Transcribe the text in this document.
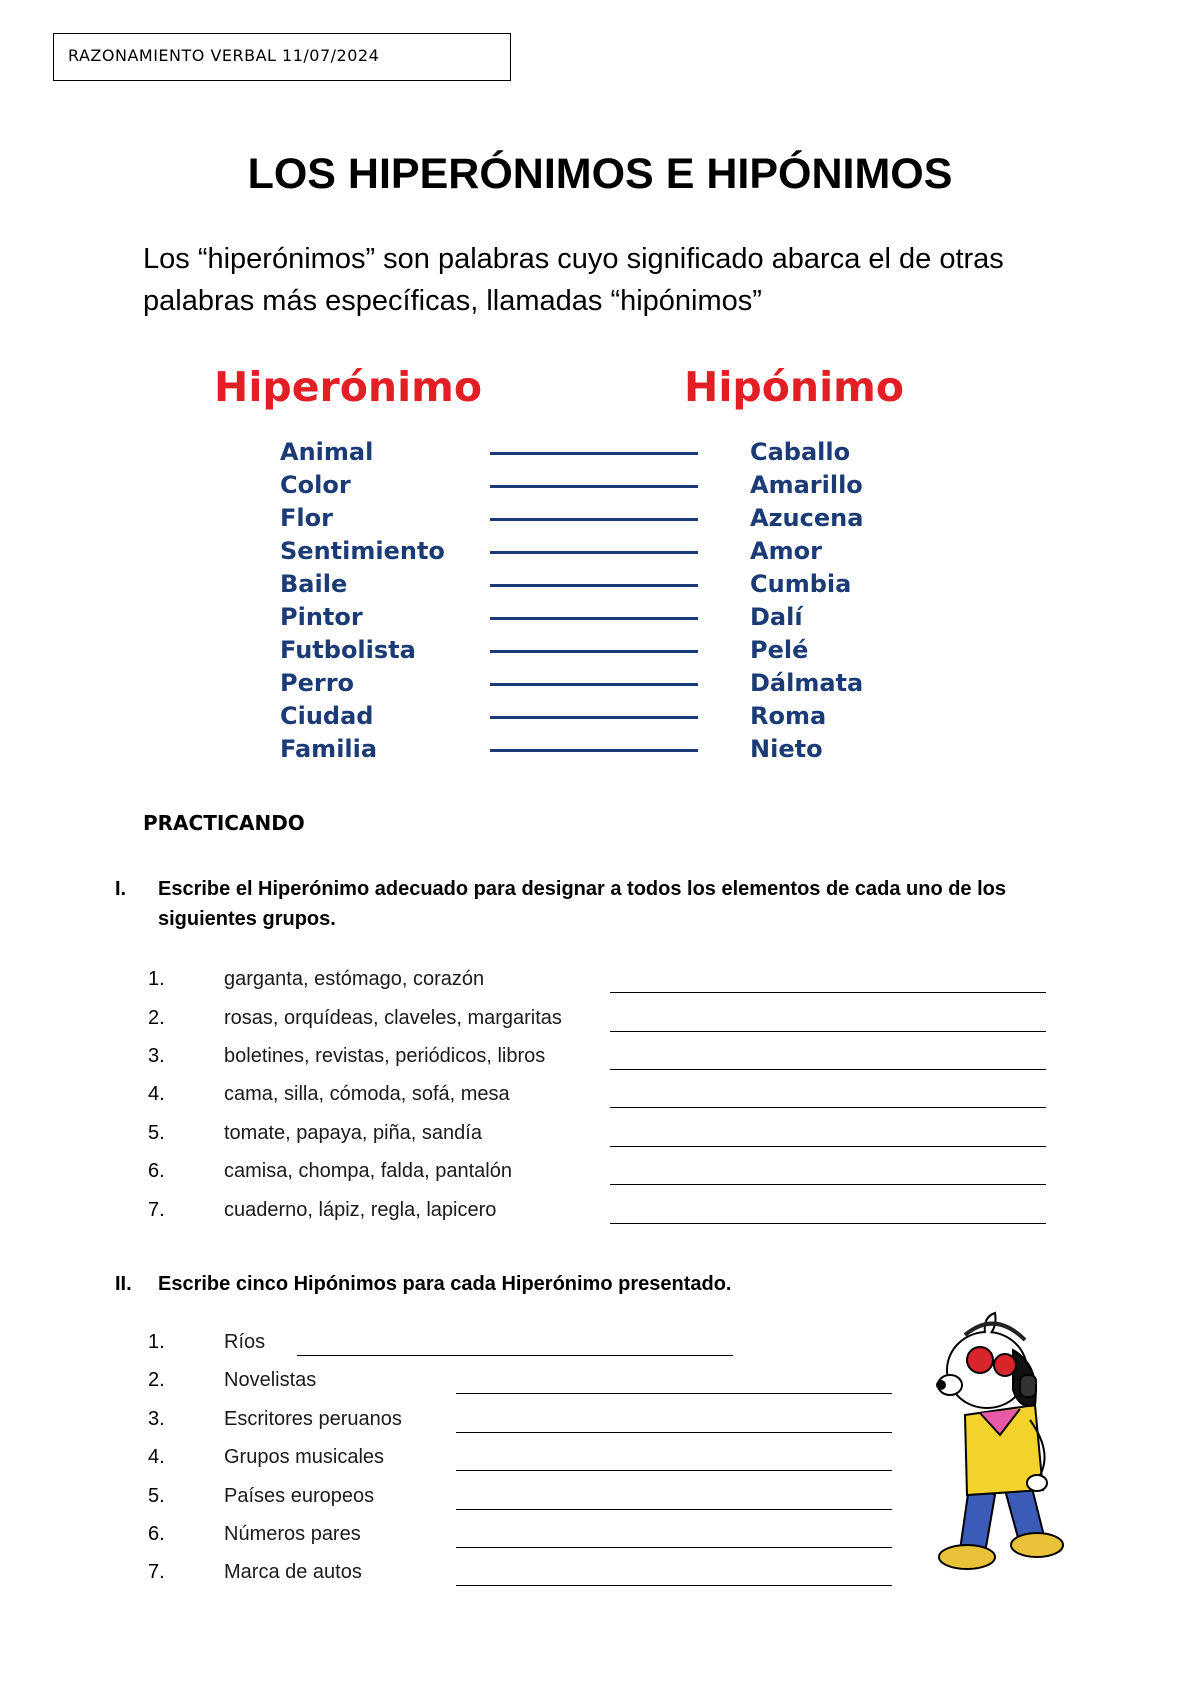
RAZONAMIENTO VERBAL 11/07/2024
LOS HIPERÓNIMOS E HIPÓNIMOS
Los “hiperónimos” son palabras cuyo significado abarca el de otras palabras más específicas, llamadas “hipónimos”
Hiperónimo	Hipónimo
Animal	Caballo
Color	Amarillo
Flor	Azucena
Sentimiento	Amor
Baile	Cumbia
Pintor	Dalí
Futbolista	Pelé
Perro	Dálmata
Ciudad	Roma
Familia	Nieto
PRACTICANDO
I. Escribe el Hiperónimo adecuado para designar a todos los elementos de cada uno de los siguientes grupos.
1.	garganta, estómago, corazón
2.	rosas, orquídeas, claveles, margaritas
3.	boletines, revistas, periódicos, libros
4.	cama, silla, cómoda, sofá, mesa
5.	tomate, papaya, piña, sandía
6.	camisa, chompa, falda, pantalón
7.	cuaderno, lápiz, regla, lapicero
II. Escribe cinco Hipónimos para cada Hiperónimo presentado.
1.	Ríos
2.	Novelistas
3.	Escritores peruanos
4.	Grupos musicales
5.	Países europeos
6.	Números pares
7.	Marca de autos
